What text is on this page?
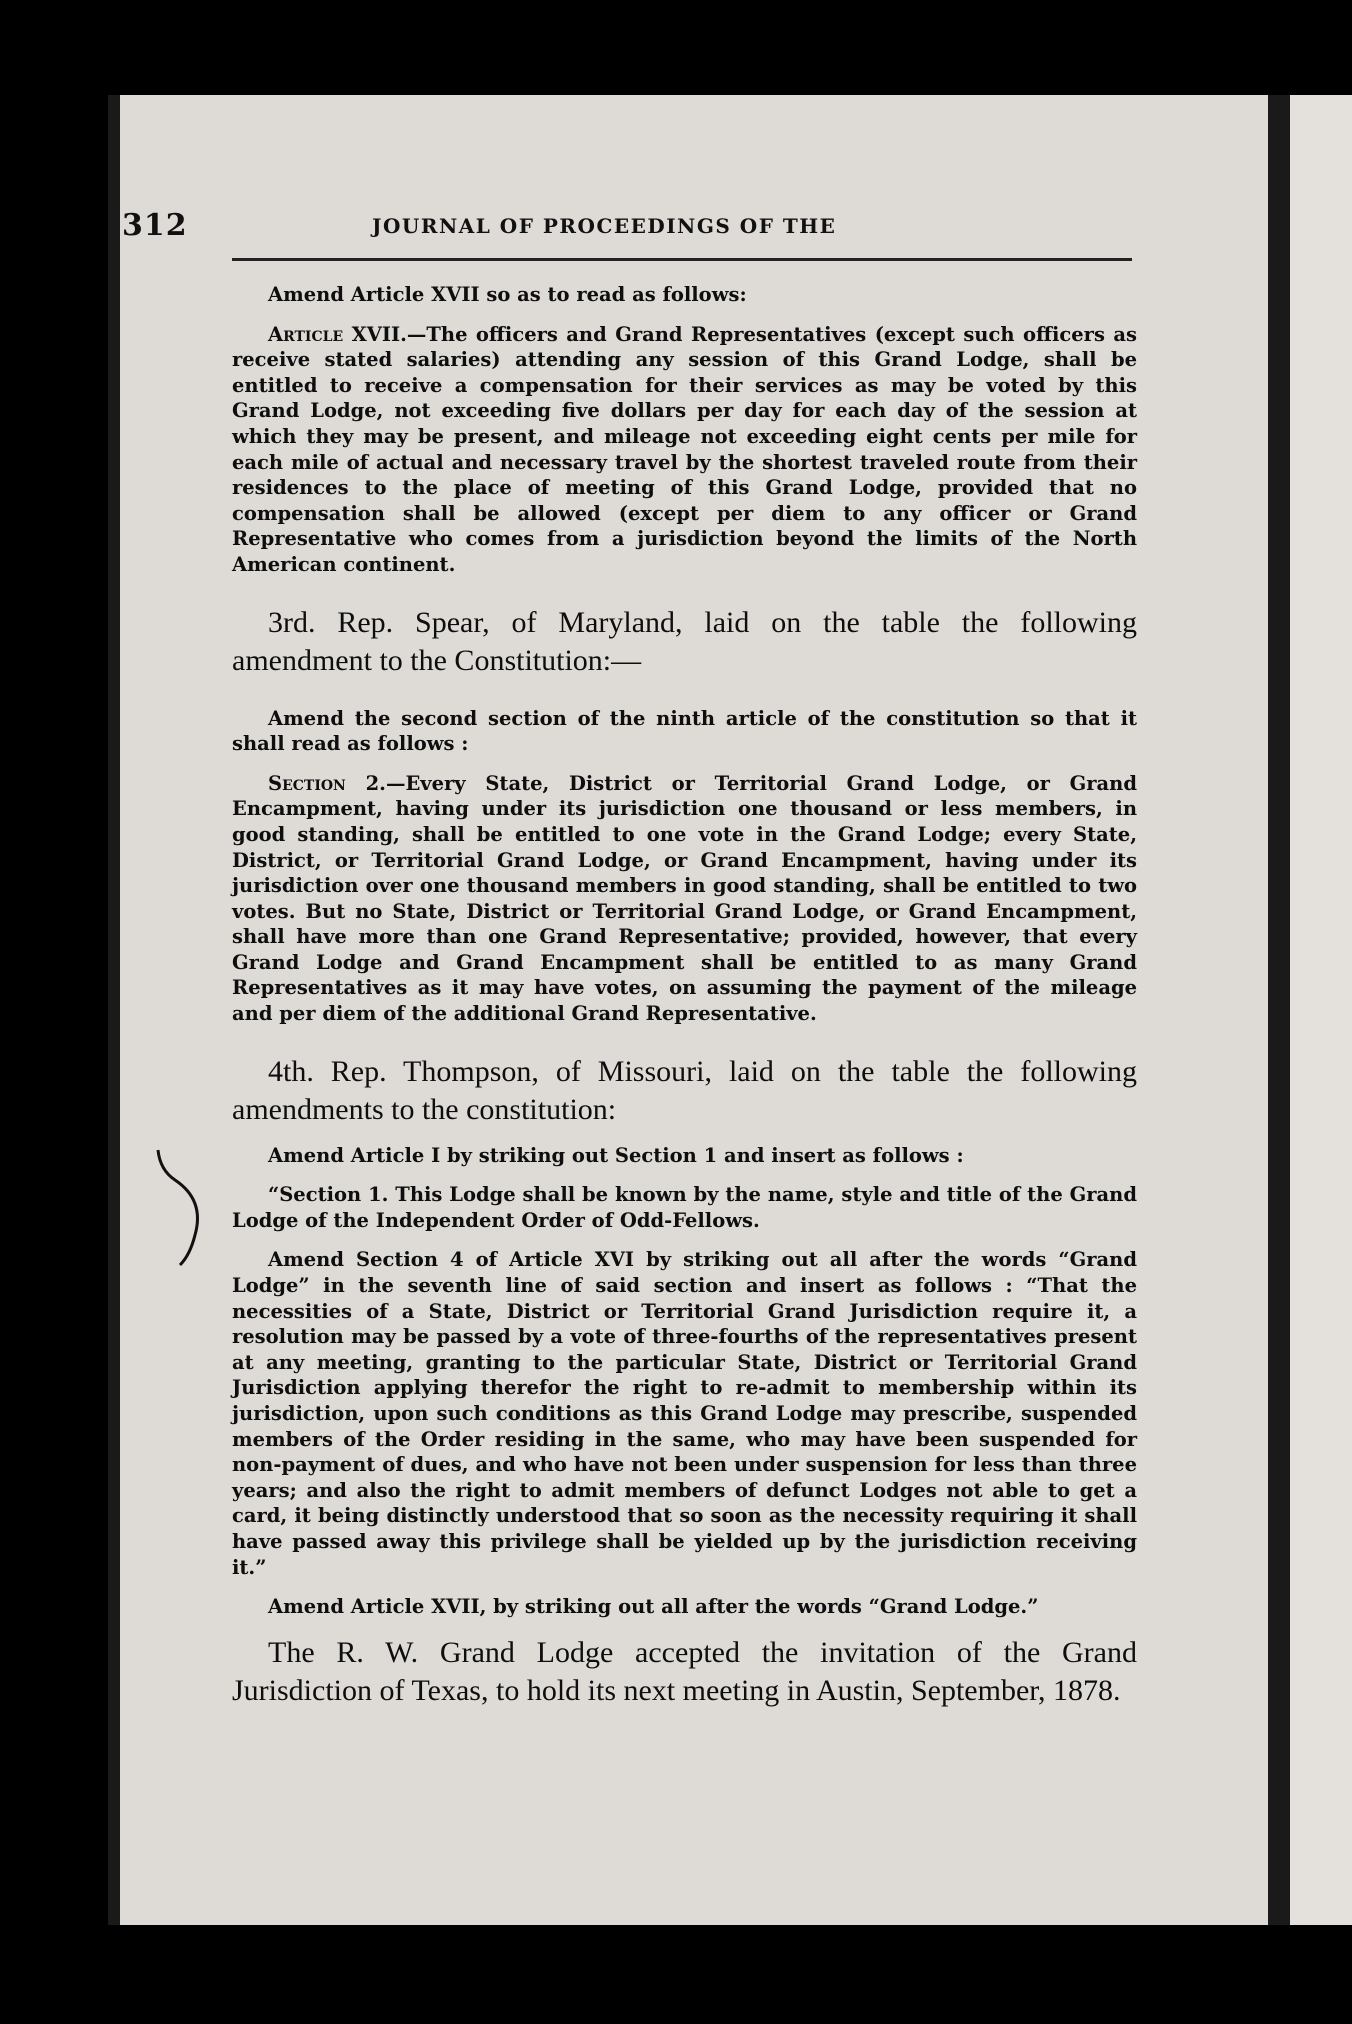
312	JOURNAL OF PROCEEDINGS OF THE

Amend Article XVII so as to read as follows:

Article XVII.—The officers and Grand Representatives (except such officers as receive stated salaries) attending any session of this Grand Lodge, shall be entitled to receive a compensation for their services as may be voted by this Grand Lodge, not exceeding five dollars per day for each day of the session at which they may be present, and mileage not exceeding eight cents per mile for each mile of actual and necessary travel by the shortest traveled route from their residences to the place of meeting of this Grand Lodge, provided that no compensation shall be allowed (except per diem to any officer or Grand Representative who comes from a jurisdiction beyond the limits of the North American continent.

3rd. Rep. Spear, of Maryland, laid on the table the following amendment to the Constitution:—

Amend the second section of the ninth article of the constitution so that it shall read as follows :

Section 2.—Every State, District or Territorial Grand Lodge, or Grand Encampment, having under its jurisdiction one thousand or less members, in good standing, shall be entitled to one vote in the Grand Lodge; every State, District, or Territorial Grand Lodge, or Grand Encampment, having under its jurisdiction over one thousand members in good standing, shall be entitled to two votes. But no State, District or Territorial Grand Lodge, or Grand Encampment, shall have more than one Grand Representative; provided, however, that every Grand Lodge and Grand Encampment shall be entitled to as many Grand Representatives as it may have votes, on assuming the payment of the mileage and per diem of the additional Grand Representative.

4th. Rep. Thompson, of Missouri, laid on the table the following amendments to the constitution:

Amend Article I by striking out Section 1 and insert as follows :

“Section 1. This Lodge shall be known by the name, style and title of the Grand Lodge of the Independent Order of Odd-Fellows.

Amend Section 4 of Article XVI by striking out all after the words “Grand Lodge” in the seventh line of said section and insert as follows : “That the necessities of a State, District or Territorial Grand Jurisdiction require it, a resolution may be passed by a vote of three-fourths of the representatives present at any meeting, granting to the particular State, District or Territorial Grand Jurisdiction applying therefor the right to re-admit to membership within its jurisdiction, upon such conditions as this Grand Lodge may prescribe, suspended members of the Order residing in the same, who may have been suspended for non-payment of dues, and who have not been under suspension for less than three years; and also the right to admit members of defunct Lodges not able to get a card, it being distinctly understood that so soon as the necessity requiring it shall have passed away this privilege shall be yielded up by the jurisdiction receiving it.”

Amend Article XVII, by striking out all after the words “Grand Lodge.”

The R. W. Grand Lodge accepted the invitation of the Grand Jurisdiction of Texas, to hold its next meeting in Austin, September, 1878.
